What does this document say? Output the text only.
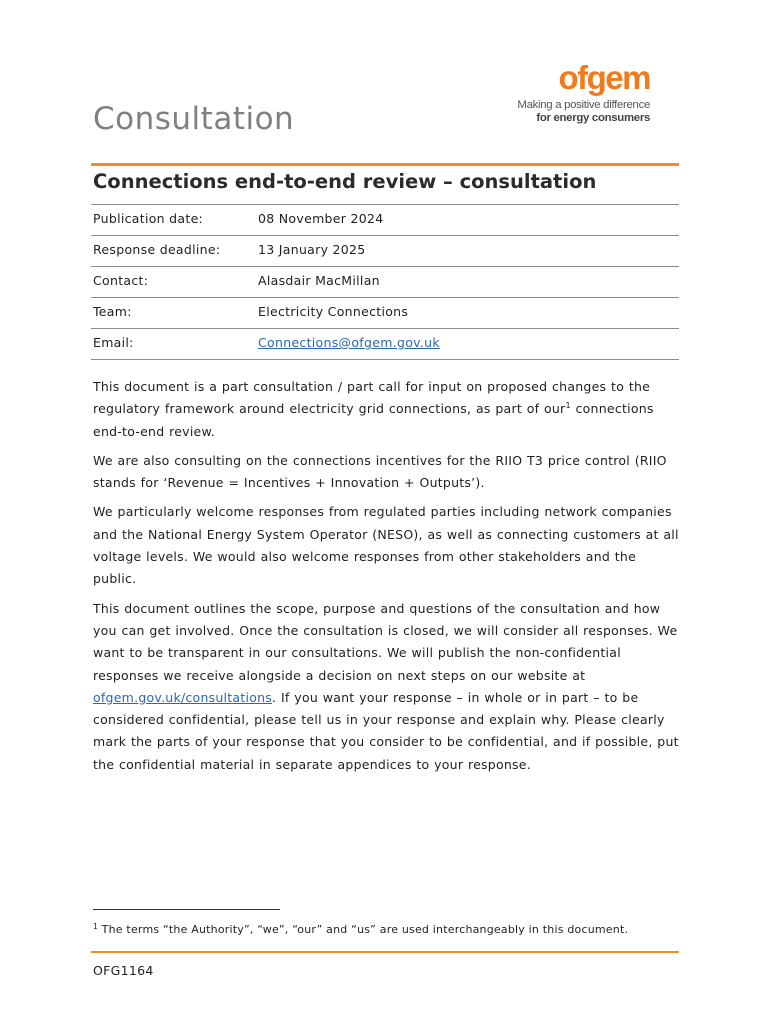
ofgem
Making a positive difference
for energy consumers
Consultation
Connections end-to-end review – consultation
Publication date:	08 November 2024
Response deadline:	13 January 2025
Contact:	Alasdair MacMillan
Team:	Electricity Connections
Email:	Connections@ofgem.gov.uk

This document is a part consultation / part call for input on proposed changes to the regulatory framework around electricity grid connections, as part of our$^1$ connections end-to-end review.

We are also consulting on the connections incentives for the RIIO T3 price control (RIIO stands for ‘Revenue = Incentives + Innovation + Outputs’).

We particularly welcome responses from regulated parties including network companies and the National Energy System Operator (NESO), as well as connecting customers at all voltage levels. We would also welcome responses from other stakeholders and the public.

This document outlines the scope, purpose and questions of the consultation and how you can get involved. Once the consultation is closed, we will consider all responses. We want to be transparent in our consultations. We will publish the non-confidential responses we receive alongside a decision on next steps on our website at ofgem.gov.uk/consultations. If you want your response – in whole or in part – to be considered confidential, please tell us in your response and explain why. Please clearly mark the parts of your response that you consider to be confidential, and if possible, put the confidential material in separate appendices to your response.

$^1$ The terms “the Authority”, “we”, “our” and “us” are used interchangeably in this document.
OFG1164
